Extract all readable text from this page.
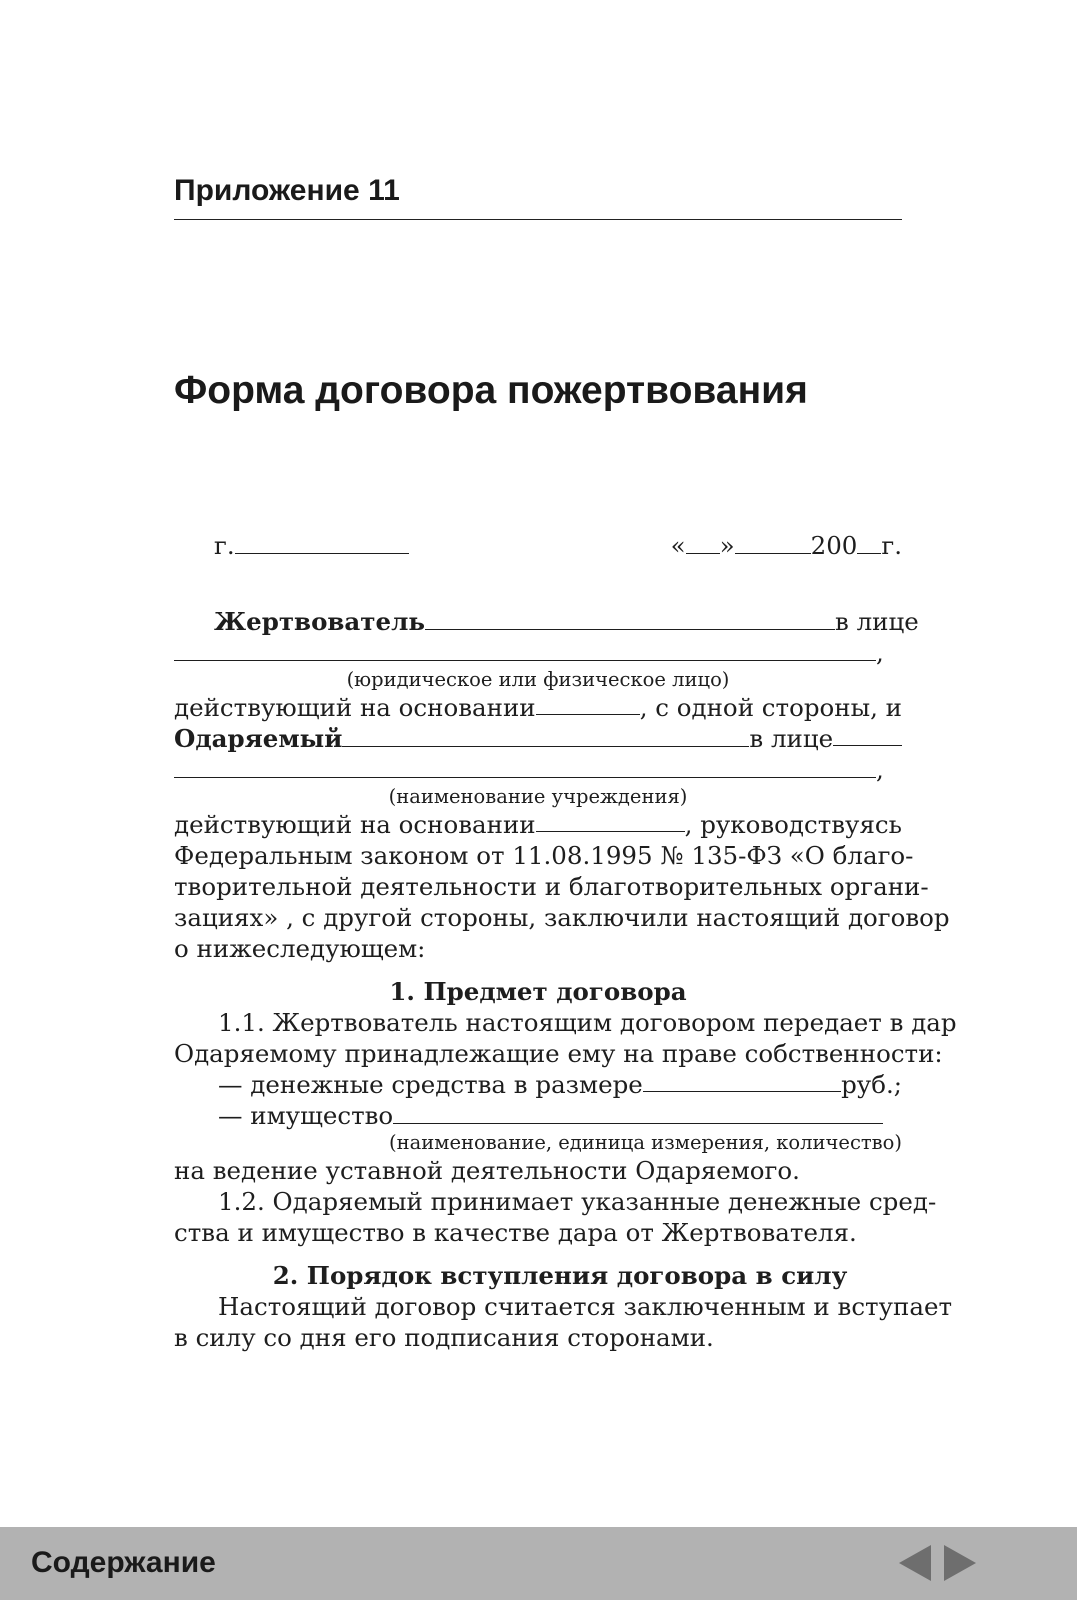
Приложение 11
Форма договора пожертвования
г.	« »	200 г.
Жертвователь	в лице
,
(юридическое или физическое лицо)
действующий на основании	, с одной стороны, и
Одаряемый	в лице
,
(наименование учреждения)
действующий на основании	, руководствуясь
Федеральным законом от 11.08.1995 № 135-ФЗ «О благо-
творительной деятельности и благотворительных органи-
зациях» , с другой стороны, заключили настоящий договор
о нижеследующем:
1. Предмет договора
1.1. Жертвователь настоящим договором передает в дар
Одаряемому принадлежащие ему на праве собственности:
— денежные средства в размере	руб.;
— имущество
(наименование, единица измерения, количество)
на ведение уставной деятельности Одаряемого.
1.2. Одаряемый принимает указанные денежные сред-
ства и имущество в качестве дара от Жертвователя.
2. Порядок вступления договора в силу
Настоящий договор считается заключенным и вступает
в силу со дня его подписания сторонами.
Содержание
